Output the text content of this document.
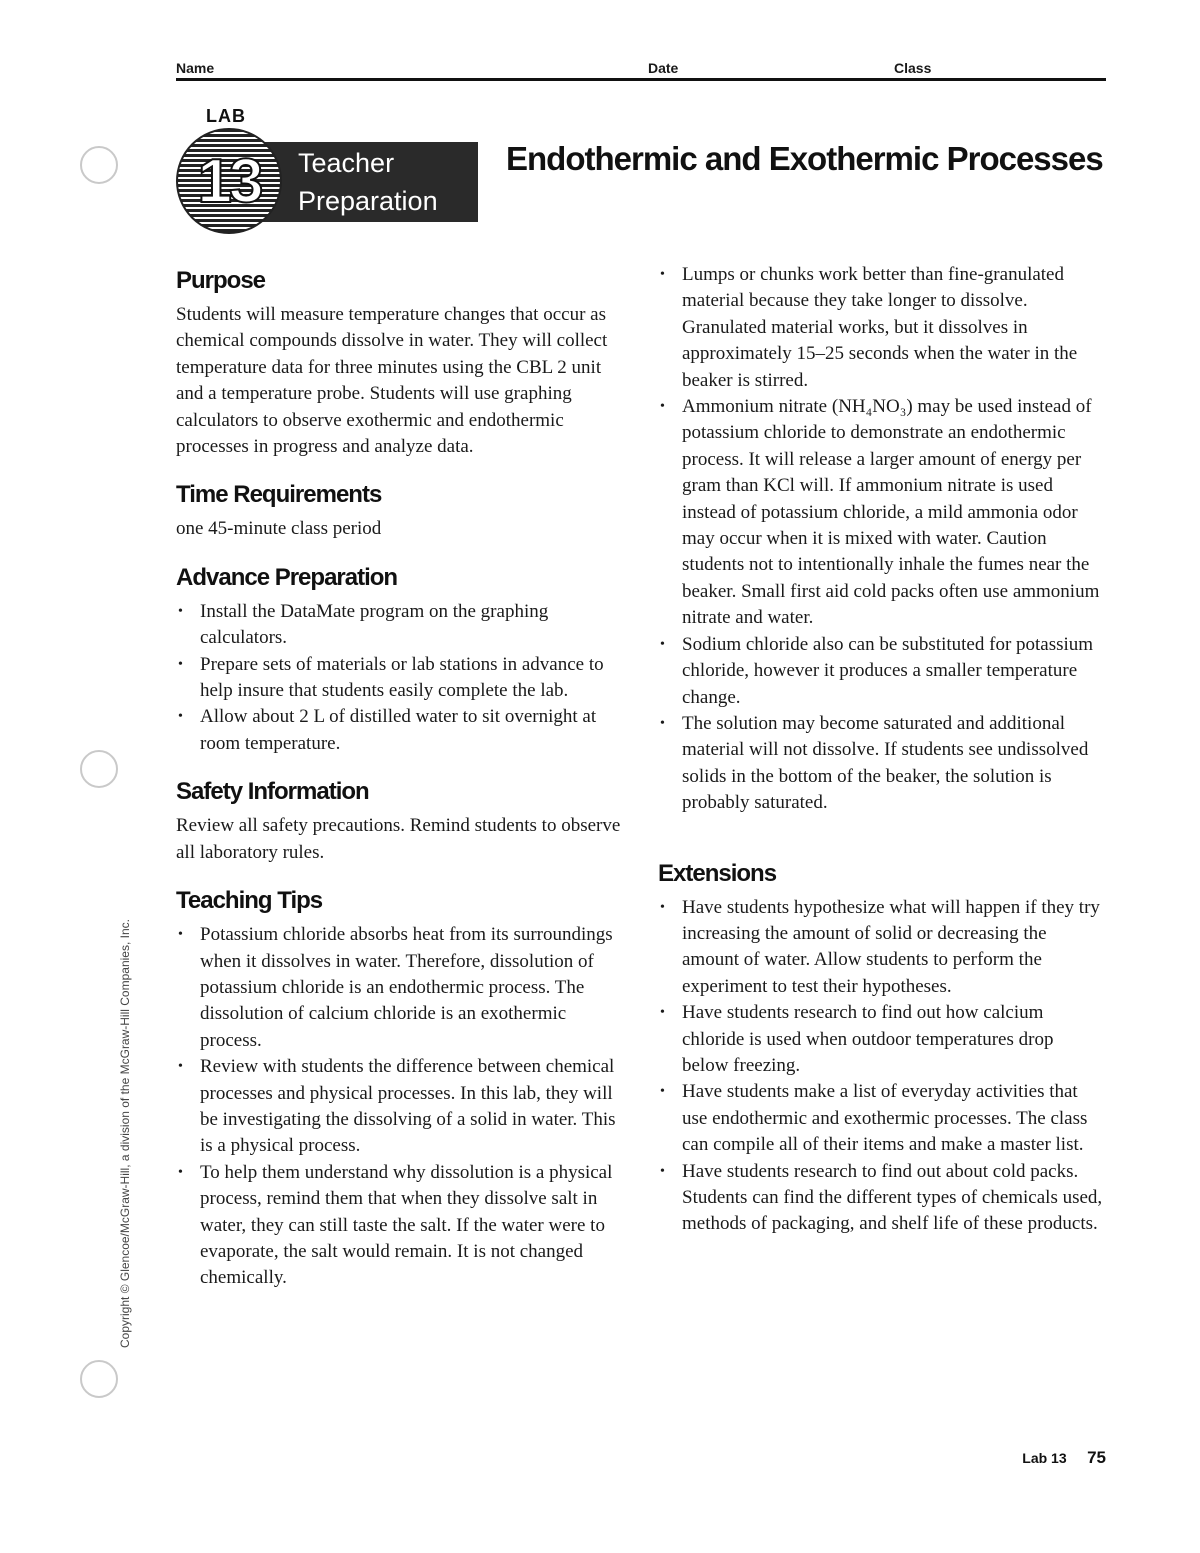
Name	Date	Class
13
LAB
Teacher
Preparation
Endothermic and Exothermic Processes
Purpose

Students will measure temperature changes that occur as chemical compounds dissolve in water. They will collect temperature data for three minutes using the CBL 2 unit and a temperature probe. Students will use graphing calculators to observe exothermic and endothermic processes in progress and analyze data.

Time Requirements

one 45-minute class period

Advance Preparation
• Install the DataMate program on the graphing calculators.
• Prepare sets of materials or lab stations in advance to help insure that students easily complete the lab.
• Allow about 2 L of distilled water to sit overnight at room temperature.
Safety Information

Review all safety precautions. Remind students to observe all laboratory rules.

Teaching Tips
• Potassium chloride absorbs heat from its surroundings when it dissolves in water. Therefore, dissolution of potassium chloride is an endothermic process. The dissolution of calcium chloride is an exothermic process.
• Review with students the difference between chemical processes and physical processes. In this lab, they will be investigating the dissolving of a solid in water. This is a physical process.
• To help them understand why dissolution is a physical process, remind them that when they dissolve salt in water, they can still taste the salt. If the water were to evaporate, the salt would remain. It is not changed chemically.
• Lumps or chunks work better than fine-granulated material because they take longer to dissolve. Granulated material works, but it dissolves in approximately 15–25 seconds when the water in the beaker is stirred.
• Ammonium nitrate (NH₄NO₃) may be used instead of potassium chloride to demonstrate an endothermic process. It will release a larger amount of energy per gram than KCl will. If ammonium nitrate is used instead of potassium chloride, a mild ammonia odor may occur when it is mixed with water. Caution students not to intentionally inhale the fumes near the beaker. Small first aid cold packs often use ammonium nitrate and water.
• Sodium chloride also can be substituted for potassium chloride, however it produces a smaller temperature change.
• The solution may become saturated and additional material will not dissolve. If students see undissolved solids in the bottom of the beaker, the solution is probably saturated.
Extensions
• Have students hypothesize what will happen if they try increasing the amount of solid or decreasing the amount of water. Allow students to perform the experiment to test their hypotheses.
• Have students research to find out how calcium chloride is used when outdoor temperatures drop below freezing.
• Have students make a list of everyday activities that use endothermic and exothermic processes. The class can compile all of their items and make a master list.
• Have students research to find out about cold packs. Students can find the different types of chemicals used, methods of packaging, and shelf life of these products.
Copyright © Glencoe/McGraw-Hill, a division of the McGraw-Hill Companies, Inc.
Lab 13 75
